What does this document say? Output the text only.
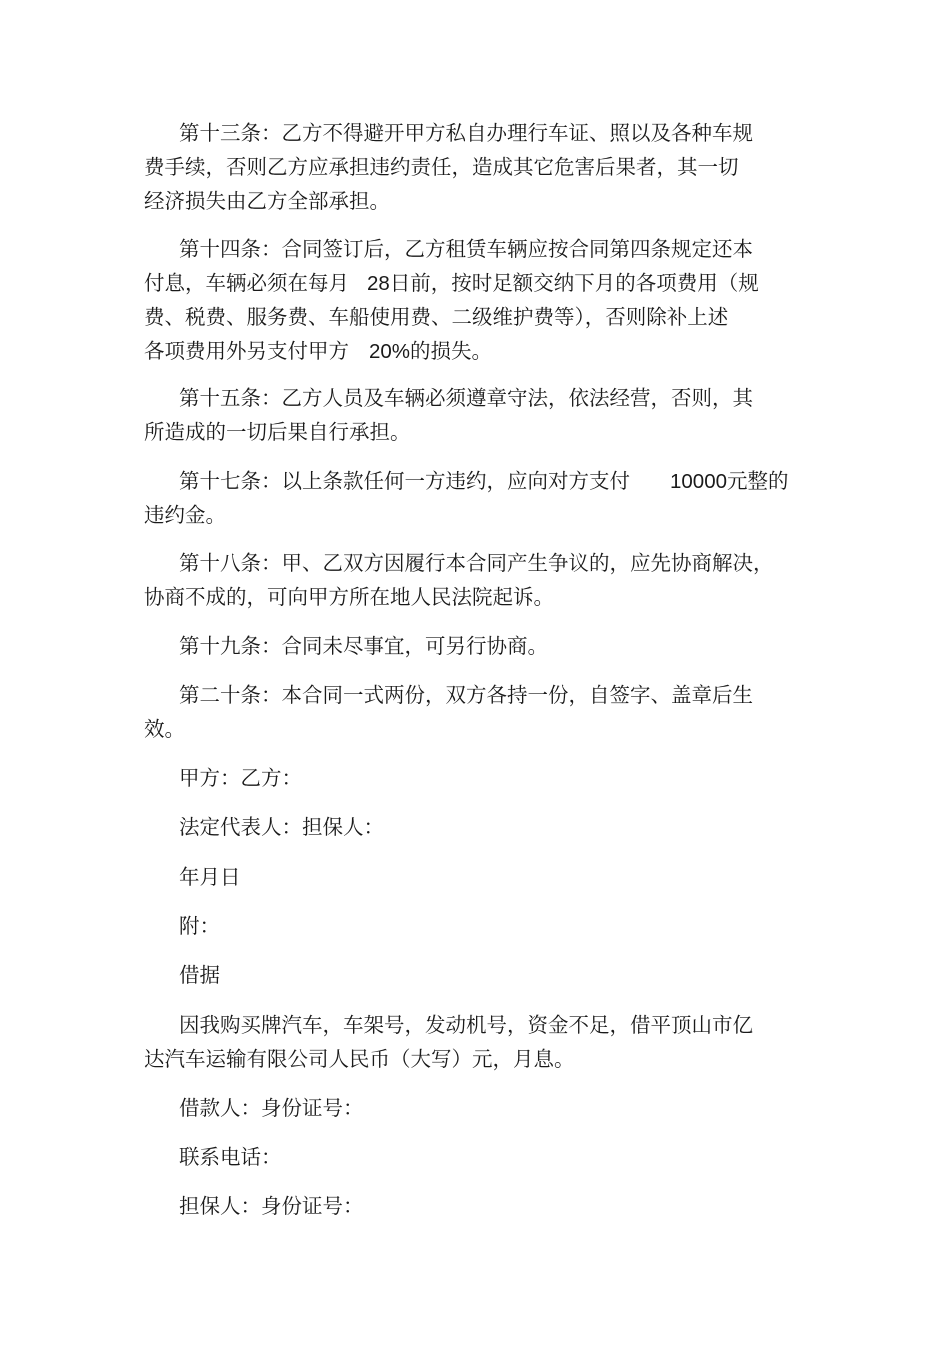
第十三条：乙方不得避开甲方私自办理行车证、照以及各种车规
费手续，否则乙方应承担违约责任，造成其它危害后果者，其一切
经济损失由乙方全部承担。
第十四条：合同签订后，乙方租赁车辆应按合同第四条规定还本
付息，车辆必须在每月 28日前，按时足额交纳下月的各项费用（规
费、税费、服务费、车船使用费、二级维护费等），否则除补上述
各项费用外另支付甲方 20%的损失。
第十五条：乙方人员及车辆必须遵章守法，依法经营，否则，其
所造成的一切后果自行承担。
第十七条：以上条款任何一方违约，应向对方支付 10000元整的
违约金。
第十八条：甲、乙双方因履行本合同产生争议的，应先协商解决，
协商不成的，可向甲方所在地人民法院起诉。
第十九条：合同未尽事宜，可另行协商。
第二十条：本合同一式两份，双方各持一份，自签字、盖章后生
效。
甲方：乙方：
法定代表人：担保人：
年月日
附：
借据
因我购买牌汽车，车架号，发动机号，资金不足，借平顶山市亿
达汽车运输有限公司人民币（大写）元，月息。
借款人：身份证号：
联系电话：
担保人：身份证号：
